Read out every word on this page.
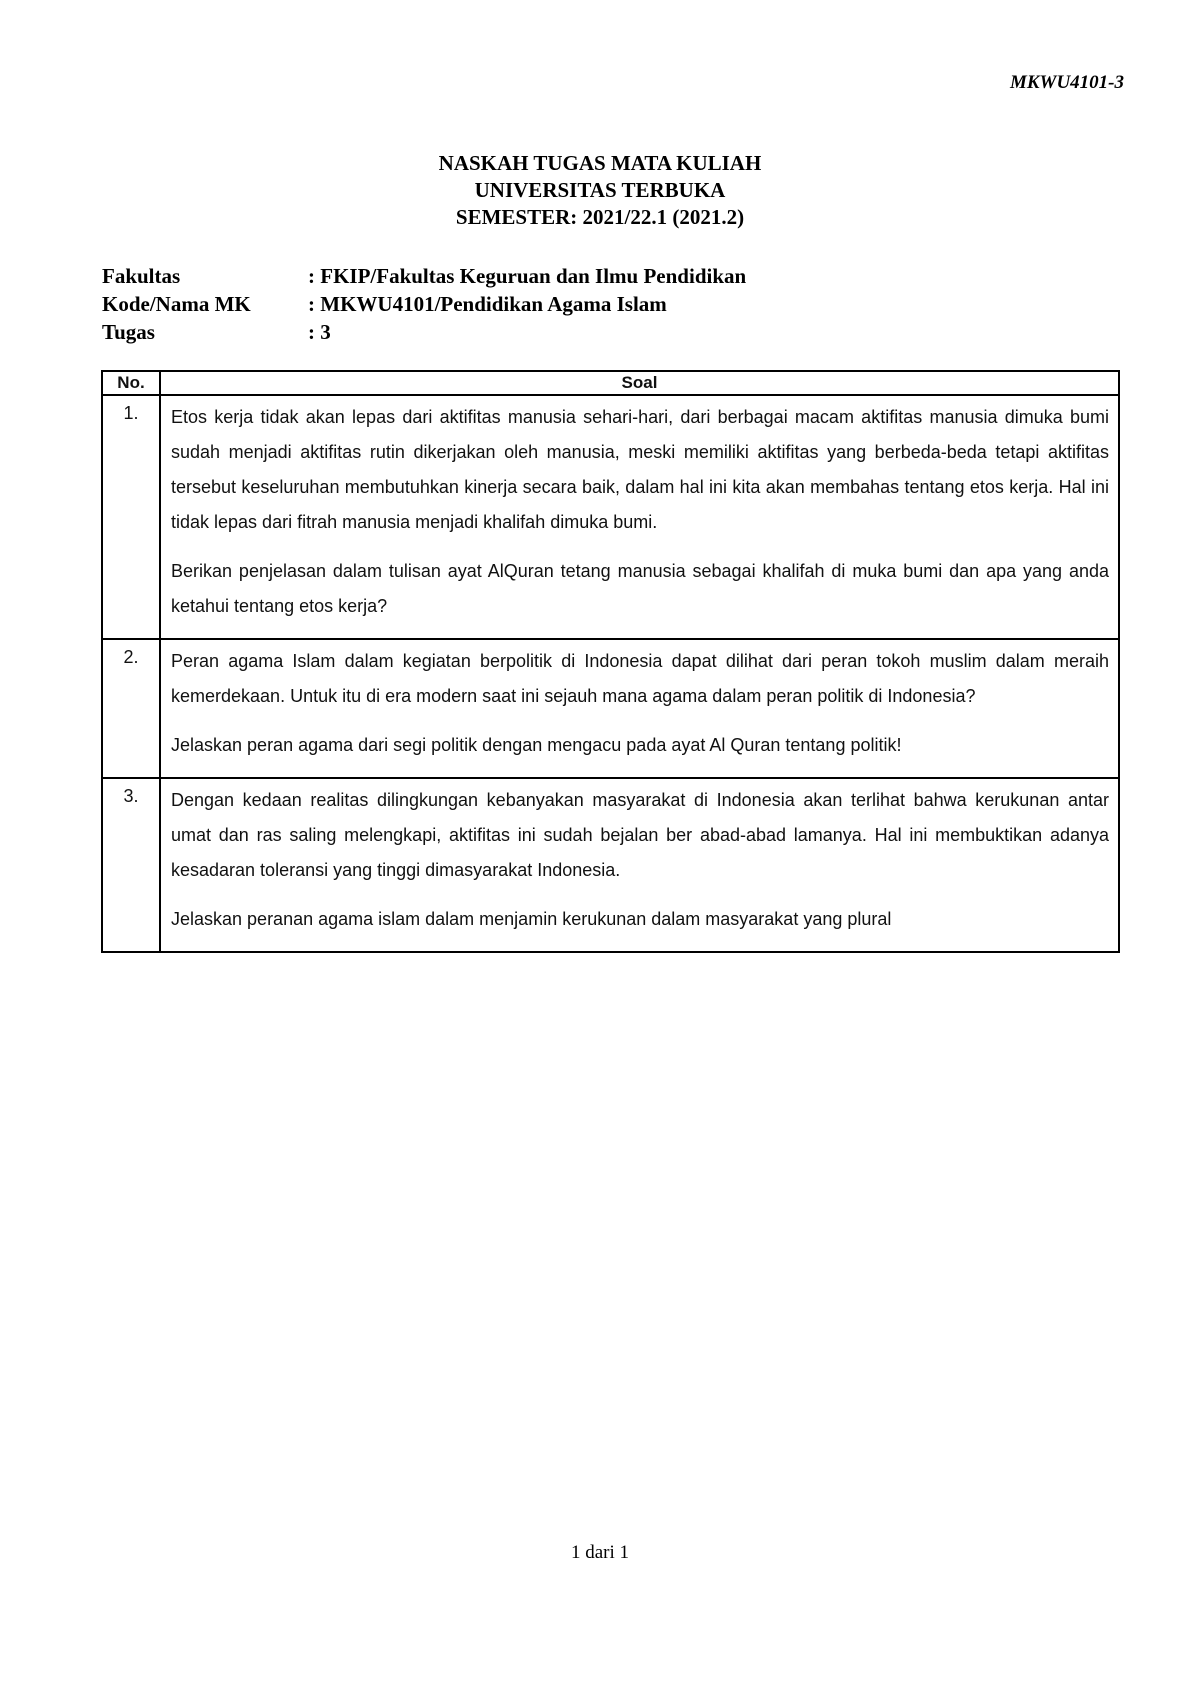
MKWU4101-3
NASKAH TUGAS MATA KULIAH
UNIVERSITAS TERBUKA
SEMESTER: 2021/22.1 (2021.2)
Fakultas	: FKIP/Fakultas Keguruan dan Ilmu Pendidikan
Kode/Nama MK	: MKWU4101/Pendidikan Agama Islam
Tugas	: 3
No.	Soal
1.	Etos kerja tidak akan lepas dari aktifitas manusia sehari-hari, dari berbagai macam aktifitas manusia dimuka bumi sudah menjadi aktifitas rutin dikerjakan oleh manusia, meski memiliki aktifitas yang berbeda-beda tetapi aktifitas tersebut keseluruhan membutuhkan kinerja secara baik, dalam hal ini kita akan membahas tentang etos kerja. Hal ini tidak lepas dari fitrah manusia menjadi khalifah dimuka bumi.

Berikan penjelasan dalam tulisan ayat AlQuran tetang manusia sebagai khalifah di muka bumi dan apa yang anda ketahui tentang etos kerja?

2.	Peran agama Islam dalam kegiatan berpolitik di Indonesia dapat dilihat dari peran tokoh muslim dalam meraih kemerdekaan. Untuk itu di era modern saat ini sejauh mana agama dalam peran politik di Indonesia?

Jelaskan peran agama dari segi politik dengan mengacu pada ayat Al Quran tentang politik!

3.	Dengan kedaan realitas dilingkungan kebanyakan masyarakat di Indonesia akan terlihat bahwa kerukunan antar umat dan ras saling melengkapi, aktifitas ini sudah bejalan ber abad-abad lamanya. Hal ini membuktikan adanya kesadaran toleransi yang tinggi dimasyarakat Indonesia.

Jelaskan peranan agama islam dalam menjamin kerukunan dalam masyarakat yang plural

1 dari 1
